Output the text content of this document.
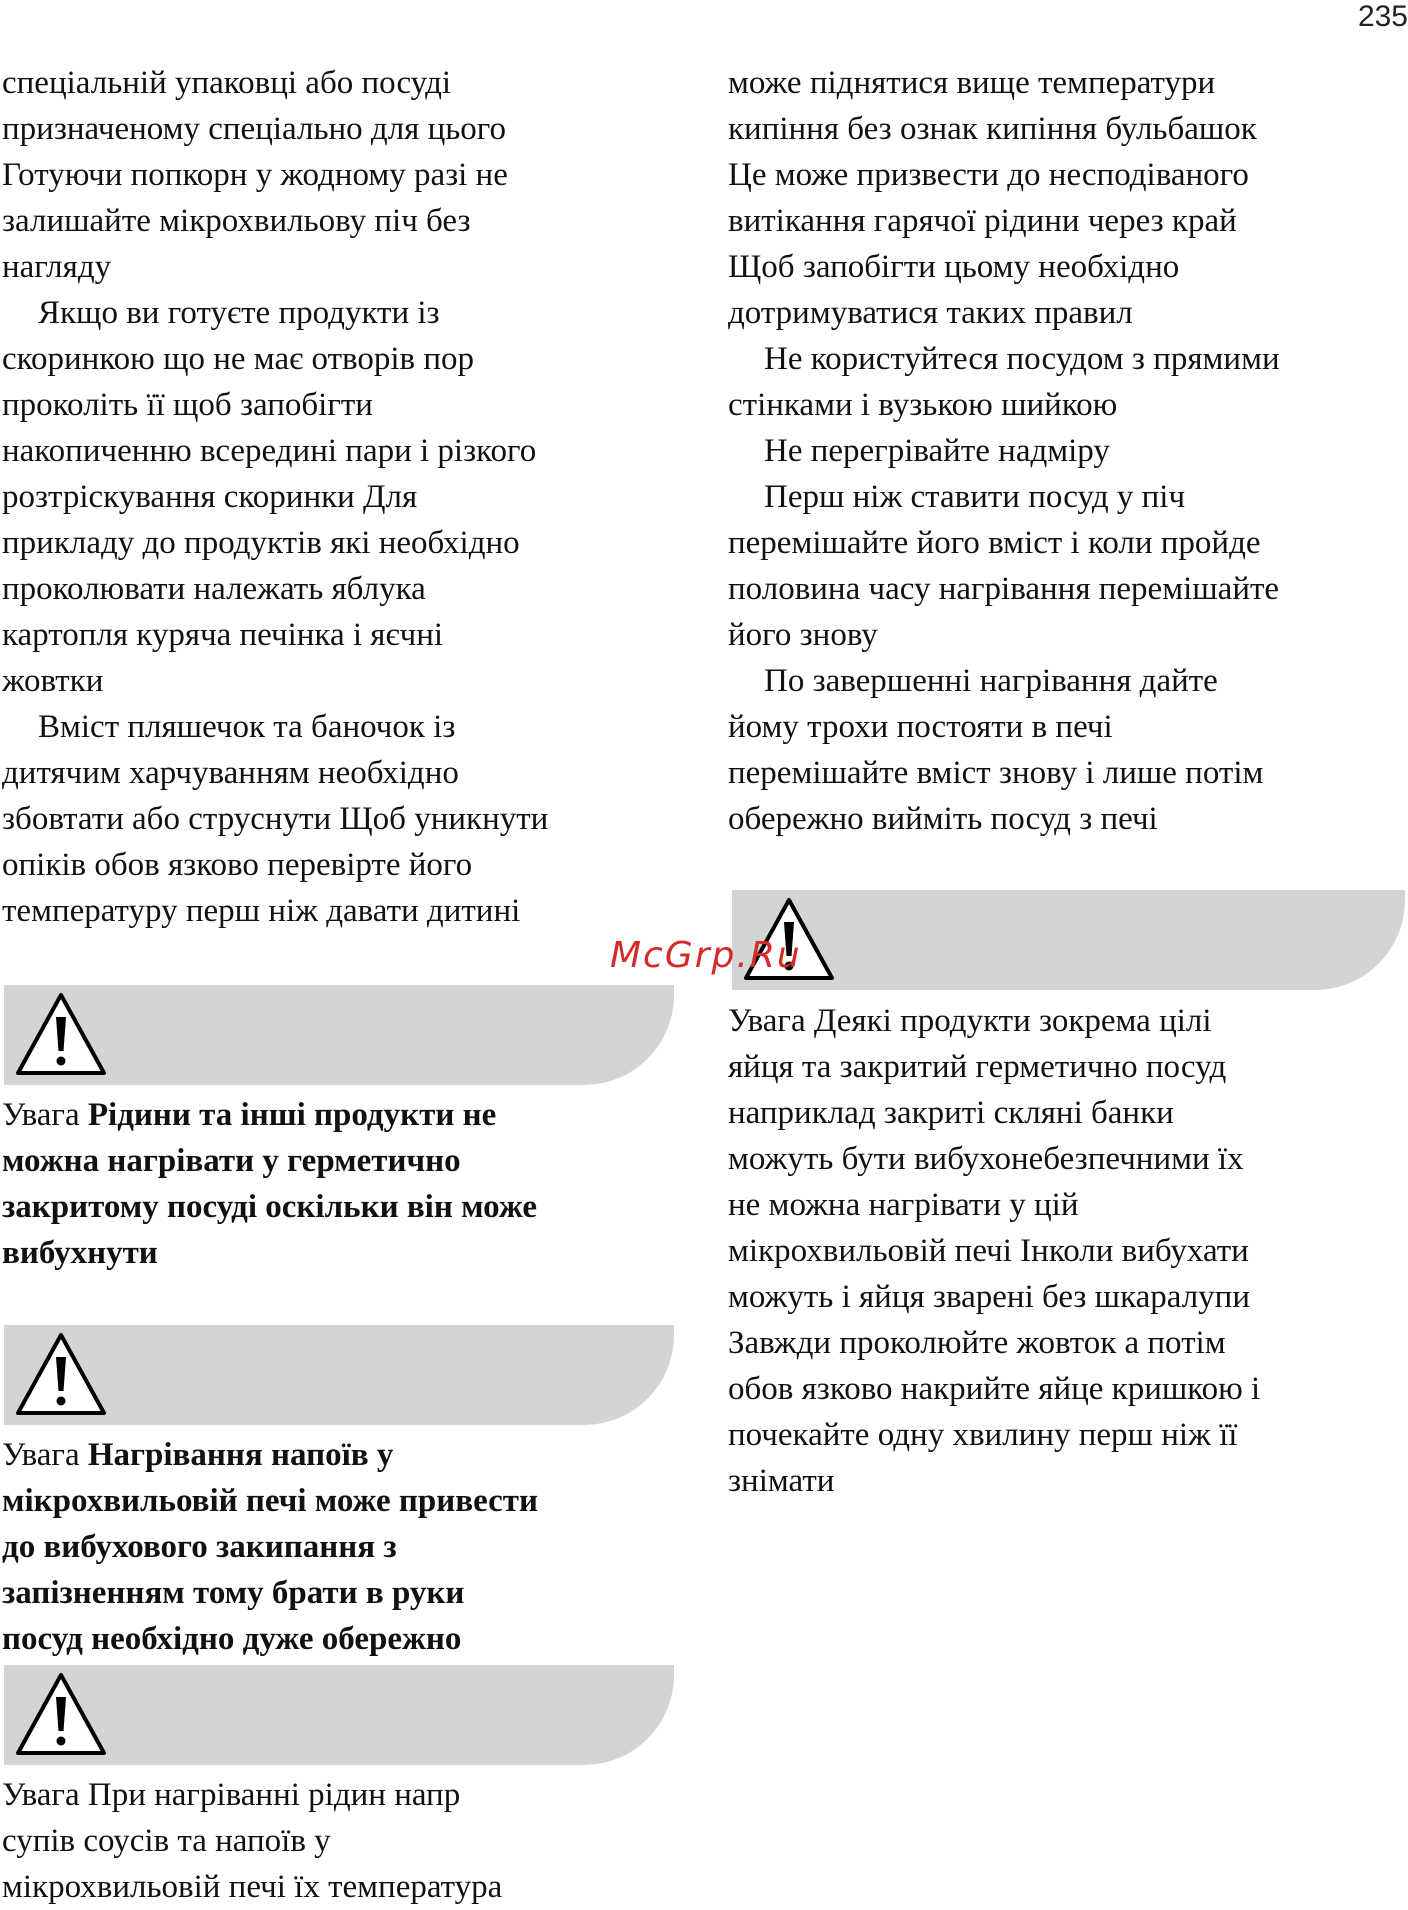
235
спеціальній упаковці або посуді
призначеному спеціально для цього
Готуючи попкорн у жодному разі не
залишайте мікрохвильову піч без
нагляду
Якщо ви готуєте продукти із
скоринкою що не має отворів пор
проколіть її щоб запобігти
накопиченню всередині пари і різкого
розтріскування скоринки Для
прикладу до продуктів які необхідно
проколювати належать яблука
картопля куряча печінка і яєчні
жовтки
Вміст пляшечок та баночок із
дитячим харчуванням необхідно
збовтати або струснути Щоб уникнути
опіків обов язково перевірте його
температуру перш ніж давати дитині
може піднятися вище температури
кипіння без ознак кипіння бульбашок
Це може призвести до несподіваного
витікання гарячої рідини через край
Щоб запобігти цьому необхідно
дотримуватися таких правил
Не користуйтеся посудом з прямими
стінками і вузькою шийкою
Не перегрівайте надміру
Перш ніж ставити посуд у піч
перемішайте його вміст і коли пройде
половина часу нагрівання перемішайте
його знову
По завершенні нагрівання дайте
йому трохи постояти в печі
перемішайте вміст знову і лише потім
обережно вийміть посуд з печі
Увага Рідини та інші продукти не
можна нагрівати у герметично
закритому посуді оскільки він може
вибухнути
Увага Нагрівання напоїв у
мікрохвильовій печі може привести
до вибухового закипання з
запізненням тому брати в руки
посуд необхідно дуже обережно
Увага При нагріванні рідин напр
супів соусів та напоїв у
мікрохвильовій печі їх температура
Увага Деякі продукти зокрема цілі
яйця та закритий герметично посуд
наприклад закриті скляні банки
можуть бути вибухонебезпечними їх
не можна нагрівати у цій
мікрохвильовій печі Інколи вибухати
можуть і яйця зварені без шкаралупи
Завжди проколюйте жовток а потім
обов язково накрийте яйце кришкою і
почекайте одну хвилину перш ніж її
знімати
McGrp.Ru
